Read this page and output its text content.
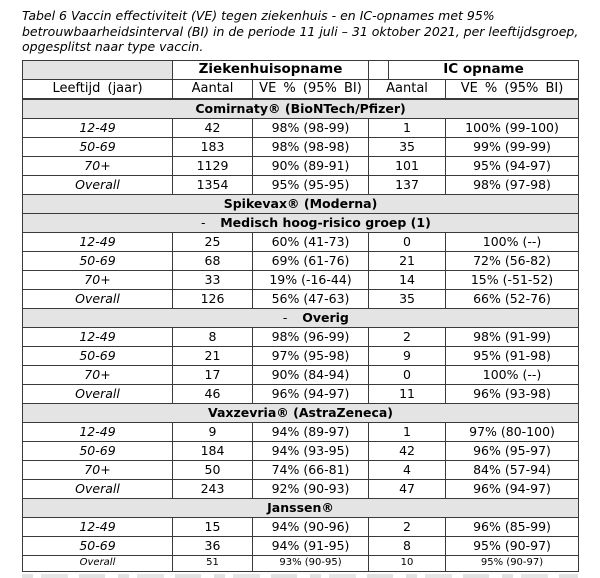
Tabel 6 Vaccin effectiviteit (VE) tegen ziekenhuis - en IC-opnames met 95%
betrouwbaarheidsinterval (BI) in de periode 11 juli – 31 oktober 2021, per leeftijdsgroep,
opgesplitst naar type vaccin.
	Ziekenhuisopname			IC opname	
Leeftijd (jaar)	Aantal	VE % (95% BI)	Aantal		VE % (95% BI)
Comirnaty® (BioNTech/Pfizer)					
12-49	42	98% (98-99)	1		100% (99-100)
50-69	183	98% (98-98)	35		99% (99-99)
70+	1129	90% (89-91)	101		95% (94-97)
Overall	1354	95% (95-95)	137		98% (97-98)
Spikevax® (Moderna)					
- Medisch hoog-risico groep (1)					
12-49	25	60% (41-73)	0		100% (--)
50-69	68	69% (61-76)	21		72% (56-82)
70+	33	19% (-16-44)	14		15% (-51-52)
Overall	126	56% (47-63)	35		66% (52-76)
- Overig					
12-49	8	98% (96-99)	2		98% (91-99)
50-69	21	97% (95-98)	9		95% (91-98)
70+	17	90% (84-94)	0		100% (--)
Overall	46	96% (94-97)	11		96% (93-98)
Vaxzevria® (AstraZeneca)					
12-49	9	94% (89-97)	1		97% (80-100)
50-69	184	94% (93-95)	42		96% (95-97)
70+	50	74% (66-81)	4		84% (57-94)
Overall	243	92% (90-93)	47		96% (94-97)
Janssen®					
12-49	15	94% (90-96)	2		96% (85-99)
50-69	36	94% (91-95)	8		95% (90-97)
Overall	51	93% (90-95)	10		95% (90-97)
